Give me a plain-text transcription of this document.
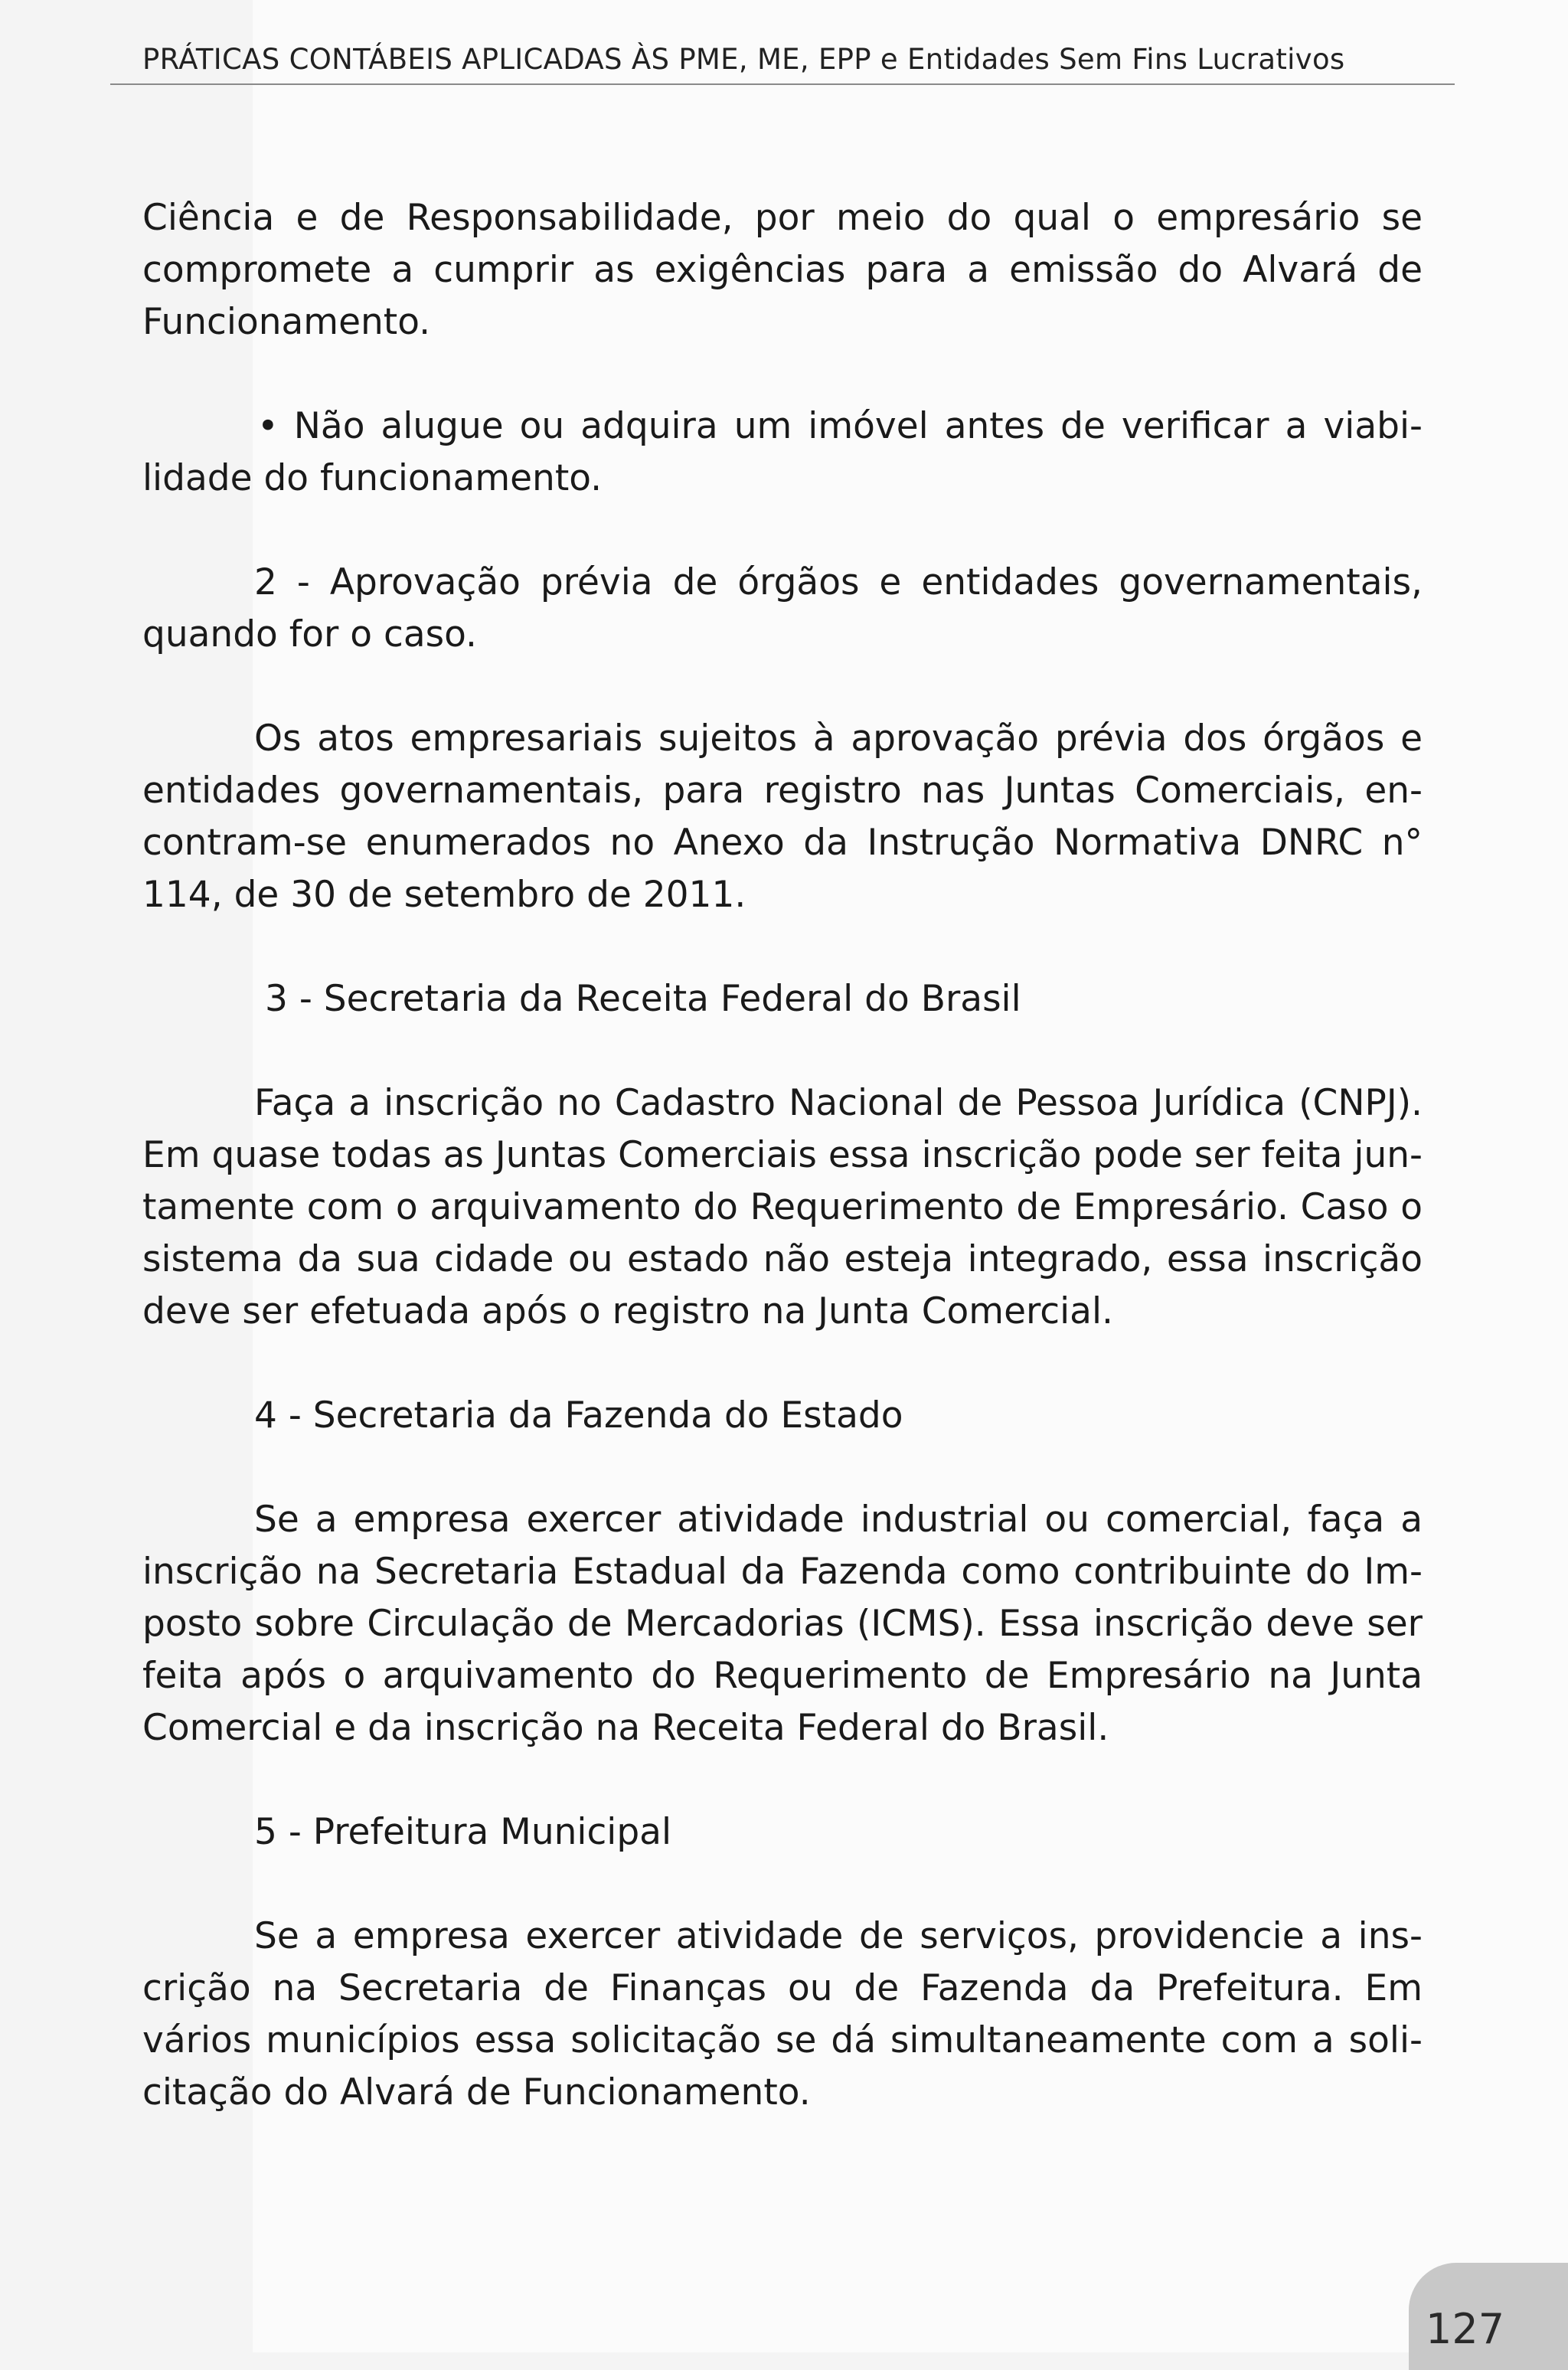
PRÁTICAS CONTÁBEIS APLICADAS ÀS PME, ME, EPP e Entidades Sem Fins Lucrativos

Ciência e de Responsabilidade, por meio do qual o empresário se compromete a cumprir as exigências para a emissão do Alvará de Funcionamento.

• Não alugue ou adquira um imóvel antes de verificar a viabilidade do funcionamento.

2 - Aprovação prévia de órgãos e entidades governamentais, quando for o caso.

Os atos empresariais sujeitos à aprovação prévia dos órgãos e entidades governamentais, para registro nas Juntas Comerciais, encontram-se enumerados no Anexo da Instrução Normativa DNRC n° 114, de 30 de setembro de 2011.

3 - Secretaria da Receita Federal do Brasil

Faça a inscrição no Cadastro Nacional de Pessoa Jurídica (CNPJ). Em quase todas as Juntas Comerciais essa inscrição pode ser feita juntamente com o arquivamento do Requerimento de Empresário. Caso o sistema da sua cidade ou estado não esteja integrado, essa inscrição deve ser efetuada após o registro na Junta Comercial.

4 - Secretaria da Fazenda do Estado

Se a empresa exercer atividade industrial ou comercial, faça a inscrição na Secretaria Estadual da Fazenda como contribuinte do Imposto sobre Circulação de Mercadorias (ICMS). Essa inscrição deve ser feita após o arquivamento do Requerimento de Empresário na Junta Comercial e da inscrição na Receita Federal do Brasil.

5 - Prefeitura Municipal

Se a empresa exercer atividade de serviços, providencie a inscrição na Secretaria de Finanças ou de Fazenda da Prefeitura. Em vários municípios essa solicitação se dá simultaneamente com a solicitação do Alvará de Funcionamento.

127
